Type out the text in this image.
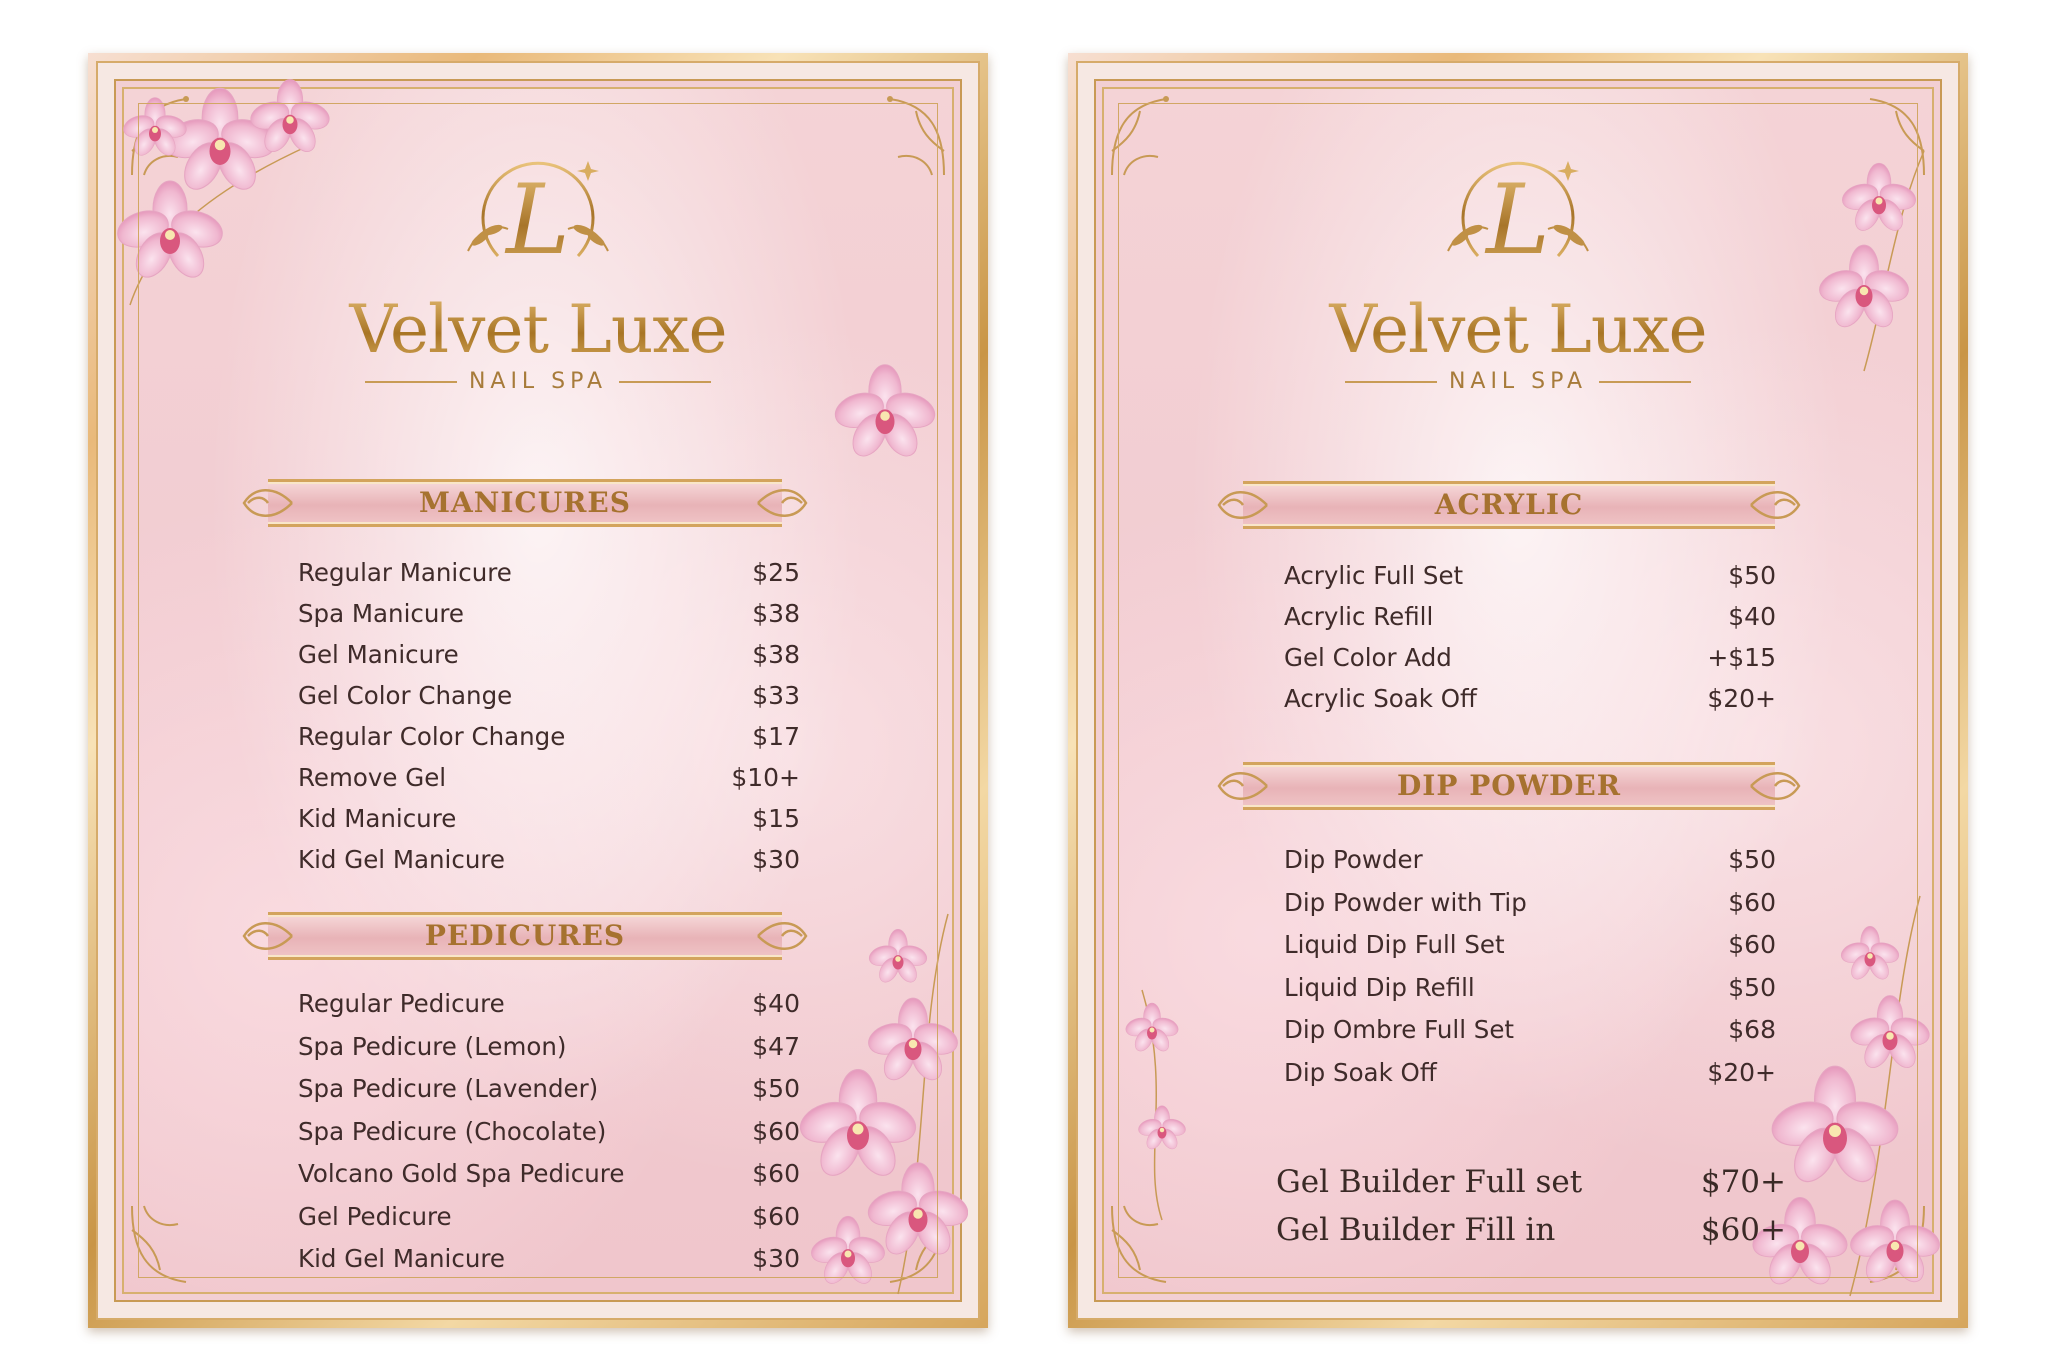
L
Velvet Luxe
NAIL SPA
MANICURES
Regular Manicure	$25
Spa Manicure	$38
Gel Manicure	$38
Gel Color Change	$33
Regular Color Change	$17
Remove Gel	$10+
Kid Manicure	$15
Kid Gel Manicure	$30
PEDICURES
Regular Pedicure	$40
Spa Pedicure (Lemon)	$47
Spa Pedicure (Lavender)	$50
Spa Pedicure (Chocolate)	$60
Volcano Gold Spa Pedicure	$60
Gel Pedicure	$60
Kid Gel Manicure	$30
L
Velvet Luxe
NAIL SPA
ACRYLIC
Acrylic Full Set	$50
Acrylic Refill	$40
Gel Color Add	+$15
Acrylic Soak Off	$20+
DIP POWDER
Dip Powder	$50
Dip Powder with Tip	$60
Liquid Dip Full Set	$60
Liquid Dip Refill	$50
Dip Ombre Full Set	$68
Dip Soak Off	$20+
Gel Builder Full set	$70+
Gel Builder Fill in	$60+
